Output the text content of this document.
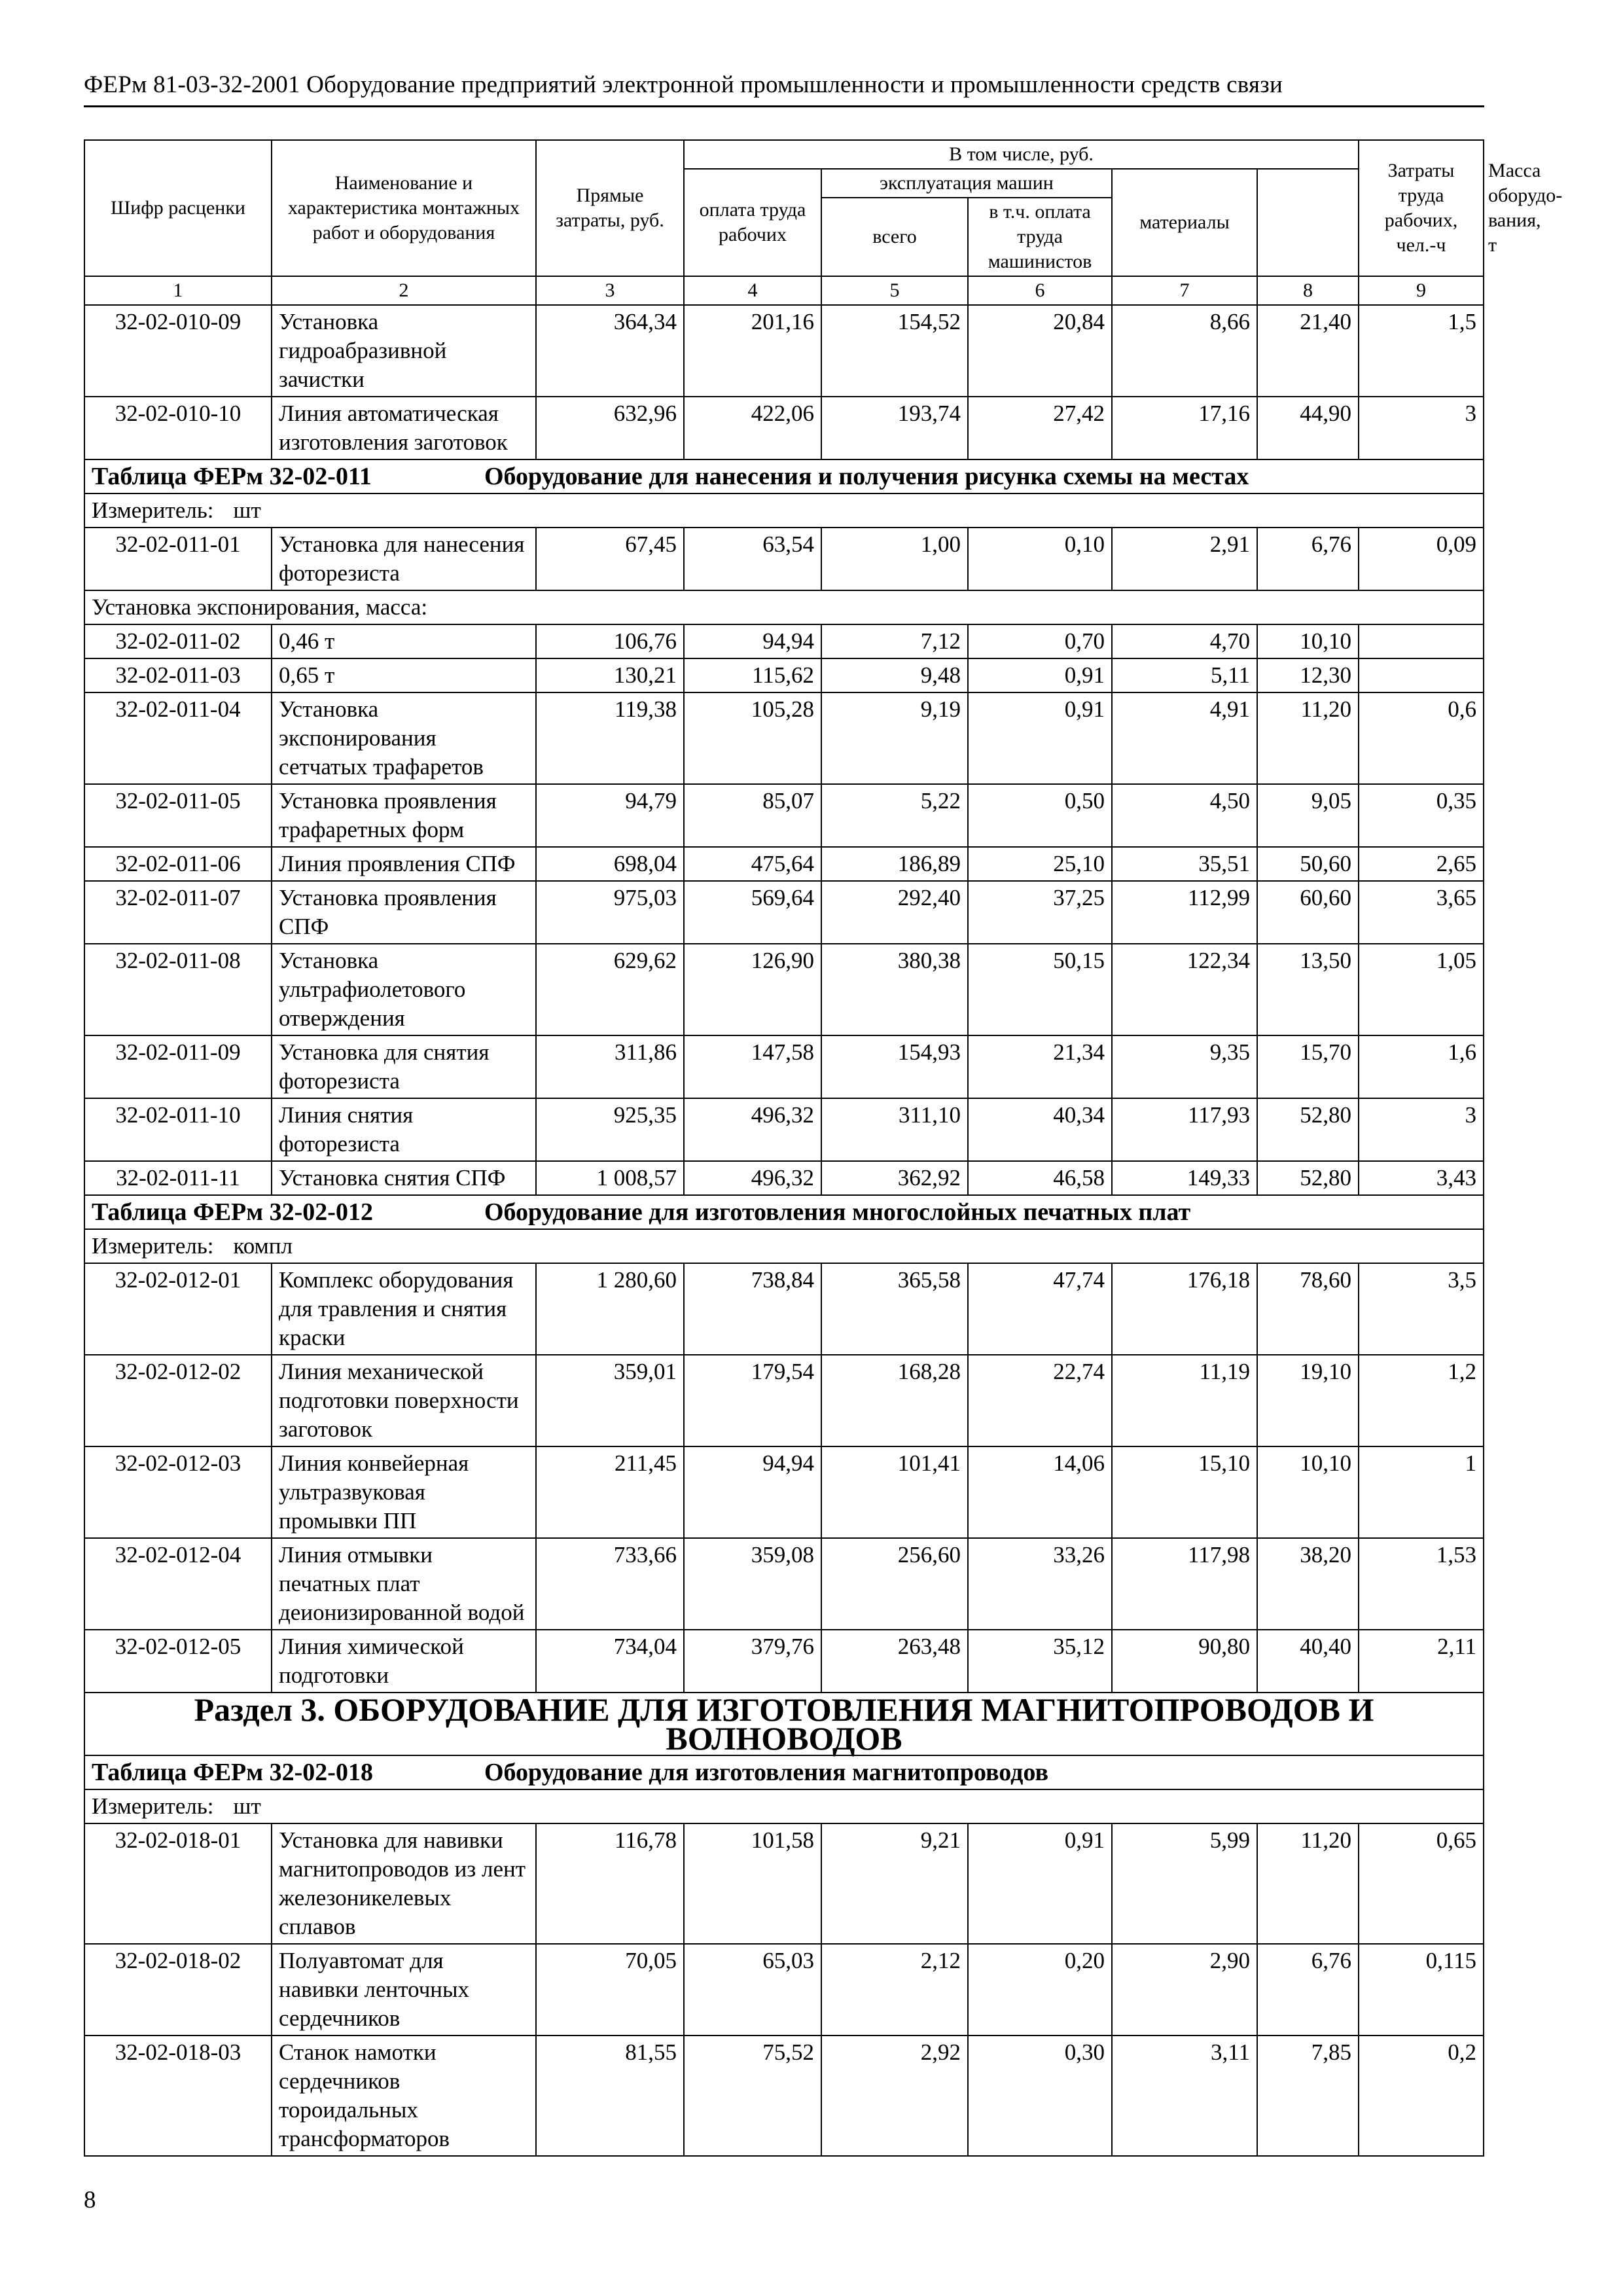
ФЕРм 81-03-32-2001 Оборудование предприятий электронной промышленности и промышленности средств связи
Шифр расценки	Наименование и характеристика монтажных работ и оборудования	Прямые затраты, руб.	В том числе, руб.					Затраты труда рабочих, чел.-ч	Масса оборудо-вания, т
			оплата труда рабочих	эксплуатация машин		материалы			
				всего	в т.ч. оплата труда машинистов				
1	2	3	4	5	6	7	8	9	
32-02-010-09	Установка гидроабразивной зачистки	364,34	201,16	154,52	20,84	8,66	21,40	1,5	
32-02-010-10	Линия автоматическая изготовления заготовок	632,96	422,06	193,74	27,42	17,16	44,90	3	
Таблица ФЕРм 32-02-011 Оборудование для нанесения и получения рисунка схемы на местах									
Измеритель: шт									
32-02-011-01	Установка для нанесения фоторезиста	67,45	63,54	1,00	0,10	2,91	6,76	0,09	
Установка экспонирования, масса:									
32-02-011-02	0,46 т	106,76	94,94	7,12	0,70	4,70	10,10		
32-02-011-03	0,65 т	130,21	115,62	9,48	0,91	5,11	12,30		
32-02-011-04	Установка экспонирования сетчатых трафаретов	119,38	105,28	9,19	0,91	4,91	11,20	0,6	
32-02-011-05	Установка проявления трафаретных форм	94,79	85,07	5,22	0,50	4,50	9,05	0,35	
32-02-011-06	Линия проявления СПФ	698,04	475,64	186,89	25,10	35,51	50,60	2,65	
32-02-011-07	Установка проявления СПФ	975,03	569,64	292,40	37,25	112,99	60,60	3,65	
32-02-011-08	Установка ультрафиолетового отверждения	629,62	126,90	380,38	50,15	122,34	13,50	1,05	
32-02-011-09	Установка для снятия фоторезиста	311,86	147,58	154,93	21,34	9,35	15,70	1,6	
32-02-011-10	Линия снятия фоторезиста	925,35	496,32	311,10	40,34	117,93	52,80	3	
32-02-011-11	Установка снятия СПФ	1 008,57	496,32	362,92	46,58	149,33	52,80	3,43	
Таблица ФЕРм 32-02-012 Оборудование для изготовления многослойных печатных плат									
Измеритель: компл									
32-02-012-01	Комплекс оборудования для травления и снятия краски	1 280,60	738,84	365,58	47,74	176,18	78,60	3,5	
32-02-012-02	Линия механической подготовки поверхности заготовок	359,01	179,54	168,28	22,74	11,19	19,10	1,2	
32-02-012-03	Линия конвейерная ультразвуковая промывки ПП	211,45	94,94	101,41	14,06	15,10	10,10	1	
32-02-012-04	Линия отмывки печатных плат деионизированной водой	733,66	359,08	256,60	33,26	117,98	38,20	1,53	
32-02-012-05	Линия химической подготовки	734,04	379,76	263,48	35,12	90,80	40,40	2,11	
Раздел 3. ОБОРУДОВАНИЕ ДЛЯ ИЗГОТОВЛЕНИЯ МАГНИТОПРОВОДОВ И ВОЛНОВОДОВ									
Таблица ФЕРм 32-02-018 Оборудование для изготовления магнитопроводов									
Измеритель: шт									
32-02-018-01	Установка для навивки магнитопроводов из лент железоникелевых сплавов	116,78	101,58	9,21	0,91	5,99	11,20	0,65	
32-02-018-02	Полуавтомат для навивки ленточных сердечников	70,05	65,03	2,12	0,20	2,90	6,76	0,115	
32-02-018-03	Станок намотки сердечников тороидальных трансформаторов	81,55	75,52	2,92	0,30	3,11	7,85	0,2	
8
